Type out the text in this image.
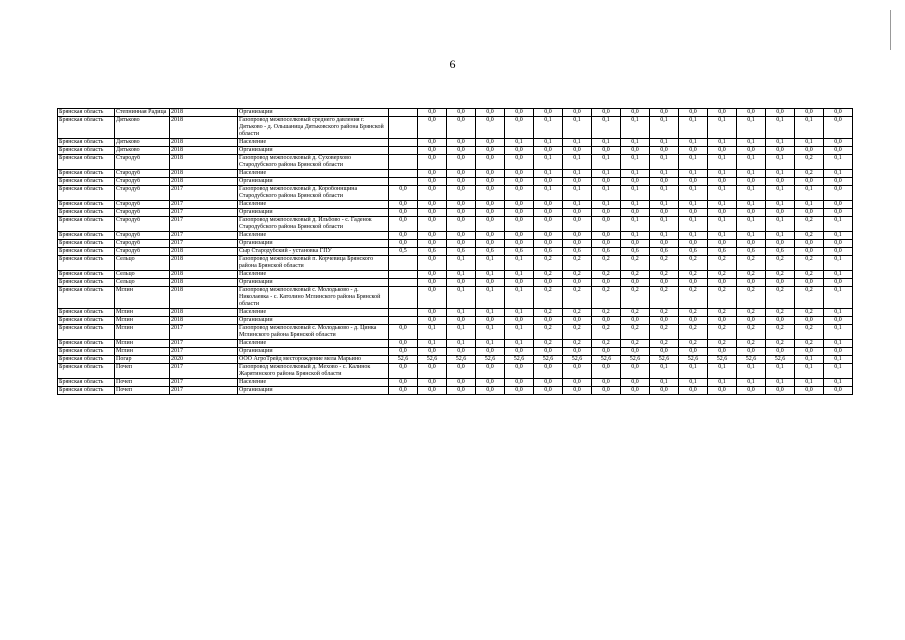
6
Брянская область	Степнинная Радица	2018	Организации		0,0	0,0	0,0	0,0	0,0	0,0	0,0	0,0	0,0	0,0	0,0	0,0	0,0	0,0	0,0
Брянская область	Дятьково	2018	Газопровод межпоселковый среднего давления г. Дятьково - д. Ольшаница Дятьковского района Брянской области		0,0	0,0	0,0	0,0	0,1	0,1	0,1	0,1	0,1	0,1	0,1	0,1	0,1	0,1	0,0
Брянская область	Дятьково	2018	Население		0,0	0,0	0,0	0,1	0,1	0,1	0,1	0,1	0,1	0,1	0,1	0,1	0,1	0,1	0,0
Брянская область	Дятьково	2018	Организации		0,0	0,0	0,0	0,0	0,0	0,0	0,0	0,0	0,0	0,0	0,0	0,0	0,0	0,0	0,0
Брянская область	Стародуб	2018	Газопровод межпоселковый д. Суховерхово Стародубского района Брянской области		0,0	0,0	0,0	0,0	0,1	0,1	0,1	0,1	0,1	0,1	0,1	0,1	0,1	0,2	0,1
Брянская область	Стародуб	2018	Население		0,0	0,0	0,0	0,0	0,1	0,1	0,1	0,1	0,1	0,1	0,1	0,1	0,1	0,2	0,1
Брянская область	Стародуб	2018	Организации		0,0	0,0	0,0	0,0	0,0	0,0	0,0	0,0	0,0	0,0	0,0	0,0	0,0	0,0	0,0
Брянская область	Стародуб	2017	Газопровод межпоселковый д. Коробоннщина Стародубского района Брянской области	0,0	0,0	0,0	0,0	0,0	0,1	0,1	0,1	0,1	0,1	0,1	0,1	0,1	0,1	0,1	0,0
Брянская область	Стародуб	2017	Население	0,0	0,0	0,0	0,0	0,0	0,0	0,1	0,1	0,1	0,1	0,1	0,1	0,1	0,1	0,1	0,0
Брянская область	Стародуб	2017	Организации	0,0	0,0	0,0	0,0	0,0	0,0	0,0	0,0	0,0	0,0	0,0	0,0	0,0	0,0	0,0	0,0
Брянская область	Стародуб	2017	Газопровод межпоселковый д. Ильбово - с. Гаденок Стародубского района Брянской области	0,0	0,0	0,0	0,0	0,0	0,0	0,0	0,0	0,1	0,1	0,1	0,1	0,1	0,1	0,2	0,1
Брянская область	Стародуб	2017	Население	0,0	0,0	0,0	0,0	0,0	0,0	0,0	0,0	0,1	0,1	0,1	0,1	0,1	0,1	0,2	0,1
Брянская область	Стародуб	2017	Организации	0,0	0,0	0,0	0,0	0,0	0,0	0,0	0,0	0,0	0,0	0,0	0,0	0,0	0,0	0,0	0,0
Брянская область	Стародуб	2018	Сыр Стародубский - установка ГПУ	0,5	0,6	0,6	0,6	0,6	0,6	0,6	0,6	0,6	0,6	0,6	0,6	0,6	0,6	0,0	0,0
Брянская область	Сельцо	2018	Газопровод межпоселковый п. Корчевица Брянского района Брянской области		0,0	0,1	0,1	0,1	0,2	0,2	0,2	0,2	0,2	0,2	0,2	0,2	0,2	0,2	0,1
Брянская область	Сельцо	2018	Население		0,0	0,1	0,1	0,1	0,2	0,2	0,2	0,2	0,2	0,2	0,2	0,2	0,2	0,2	0,1
Брянская область	Сельцо	2018	Организации		0,0	0,0	0,0	0,0	0,0	0,0	0,0	0,0	0,0	0,0	0,0	0,0	0,0	0,0	0,0
Брянская область	Мглин	2018	Газопровод межпоселковый с. Молодьково - д. Николаевка - с. Католино Мглинского района Брянской области		0,0	0,1	0,1	0,1	0,2	0,2	0,2	0,2	0,2	0,2	0,2	0,2	0,2	0,2	0,1
Брянская область	Мглин	2018	Население		0,0	0,1	0,1	0,1	0,2	0,2	0,2	0,2	0,2	0,2	0,2	0,2	0,2	0,2	0,1
Брянская область	Мглин	2018	Организации		0,0	0,0	0,0	0,0	0,0	0,0	0,0	0,0	0,0	0,0	0,0	0,0	0,0	0,0	0,0
Брянская область	Мглин	2017	Газопровод межпоселковый с. Молодьково - д. Цинка Мглинского района Брянской области	0,0	0,1	0,1	0,1	0,1	0,2	0,2	0,2	0,2	0,2	0,2	0,2	0,2	0,2	0,2	0,1
Брянская область	Мглин	2017	Население	0,0	0,1	0,1	0,1	0,1	0,2	0,2	0,2	0,2	0,2	0,2	0,2	0,2	0,2	0,2	0,1
Брянская область	Мглин	2017	Организации	0,0	0,0	0,0	0,0	0,0	0,0	0,0	0,0	0,0	0,0	0,0	0,0	0,0	0,0	0,0	0,0
Брянская область	Погар	2020	ООО АгроТрейд месторождение мела Марьино	52,6	52,6	52,6	52,6	52,6	52,6	52,6	52,6	52,6	52,6	52,6	52,6	52,6	52,6	0,1	0,1
Брянская область	Почеп	2017	Газопровод межпоселковый д. Мехово - с. Калинок Жарятинского района Брянской области	0,0	0,0	0,0	0,0	0,0	0,0	0,0	0,0	0,0	0,1	0,1	0,1	0,1	0,1	0,1	0,1
Брянская область	Почеп	2017	Население	0,0	0,0	0,0	0,0	0,0	0,0	0,0	0,0	0,0	0,1	0,1	0,1	0,1	0,1	0,1	0,1
Брянская область	Почеп	2017	Организации	0,0	0,0	0,0	0,0	0,0	0,0	0,0	0,0	0,0	0,0	0,0	0,0	0,0	0,0	0,0	0,0
